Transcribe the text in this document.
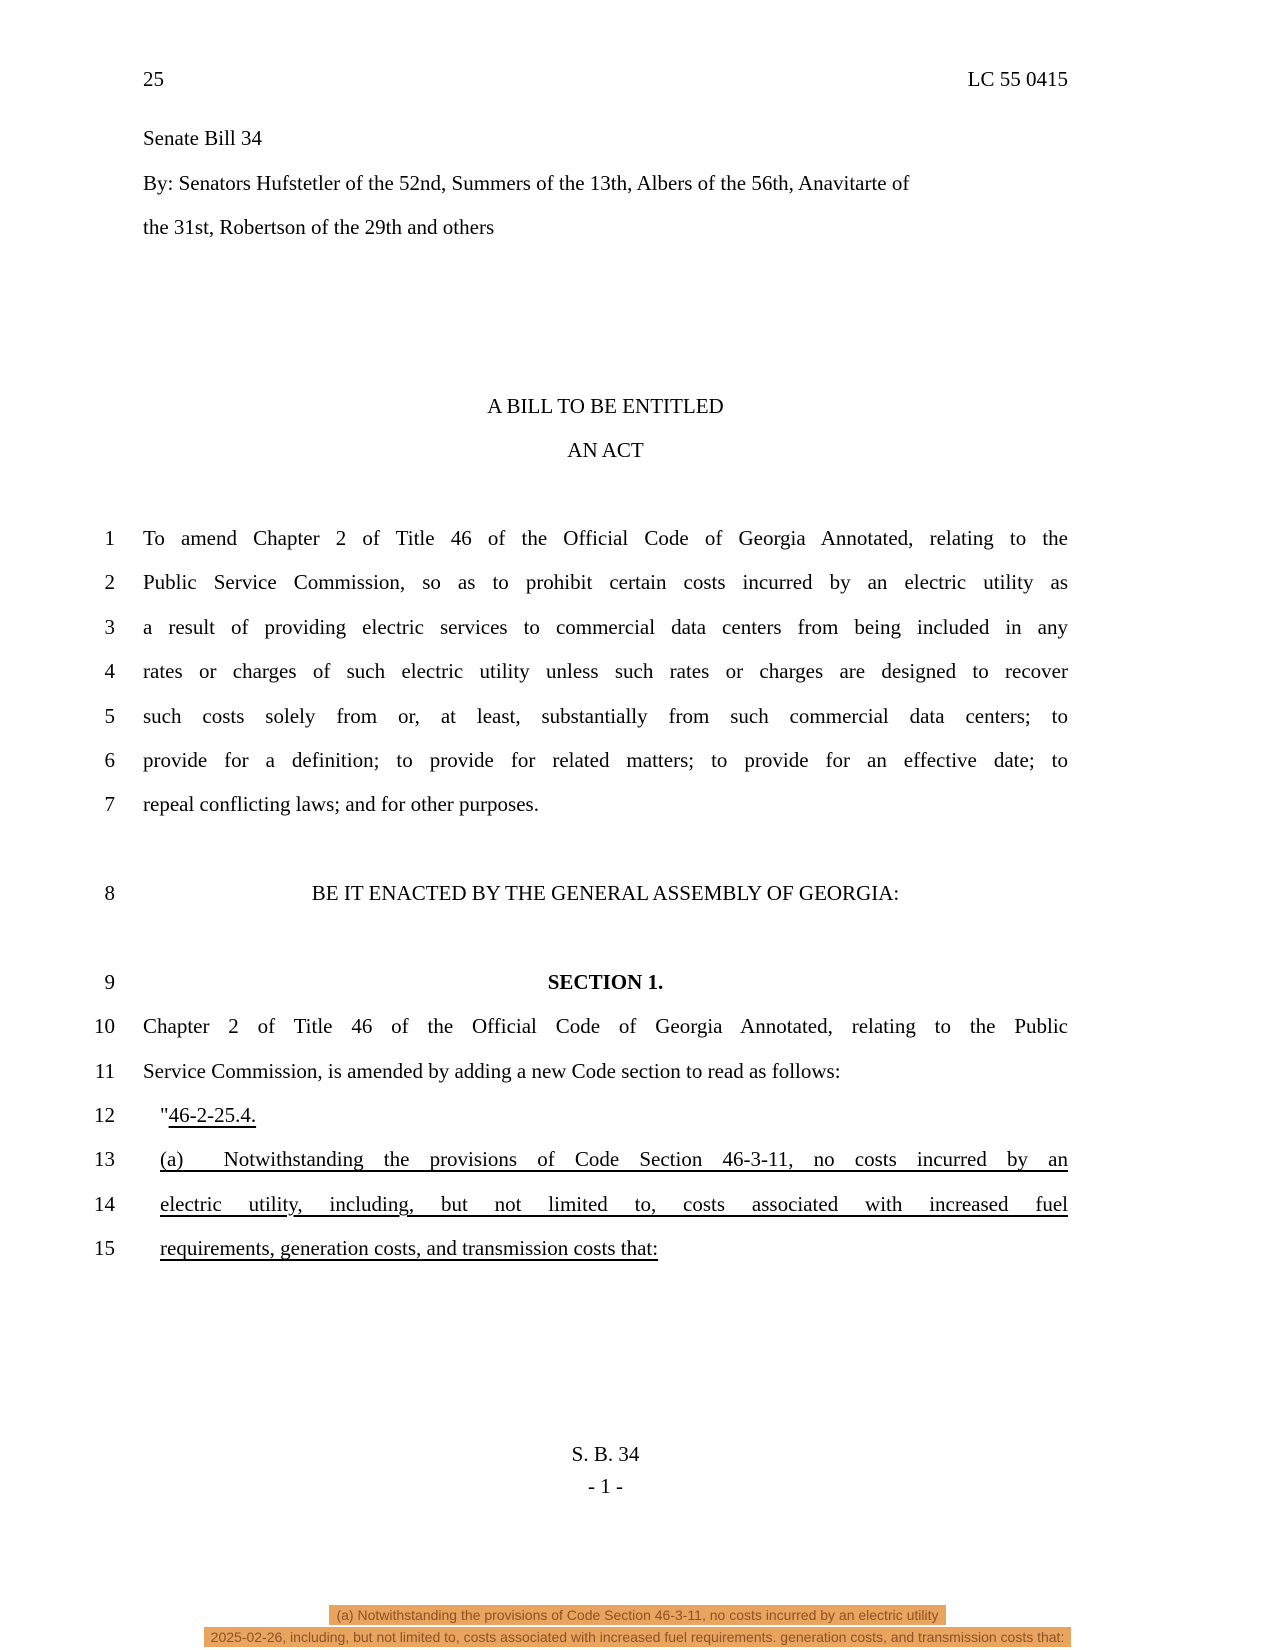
25	LC 55 0415
Senate Bill 34
By: Senators Hufstetler of the 52nd, Summers of the 13th, Albers of the 56th, Anavitarte of
the 31st, Robertson of the 29th and others
A BILL TO BE ENTITLED
AN ACT
1 To amend Chapter 2 of Title 46 of the Official Code of Georgia Annotated, relating to the
2 Public Service Commission, so as to prohibit certain costs incurred by an electric utility as
3 a result of providing electric services to commercial data centers from being included in any
4 rates or charges of such electric utility unless such rates or charges are designed to recover
5 such costs solely from or, at least, substantially from such commercial data centers; to
6 provide for a definition; to provide for related matters; to provide for an effective date; to
7 repeal conflicting laws; and for other purposes.
8	BE IT ENACTED BY THE GENERAL ASSEMBLY OF GEORGIA:
9	SECTION 1.
10 Chapter 2 of Title 46 of the Official Code of Georgia Annotated, relating to the Public
11 Service Commission, is amended by adding a new Code section to read as follows:
12	"46-2-25.4.
13	(a)  Notwithstanding the provisions of Code Section 46-3-11, no costs incurred by an
14	electric utility, including, but not limited to, costs associated with increased fuel
15	requirements, generation costs, and transmission costs that:
S. B. 34
- 1 -
(a) Notwithstanding the provisions of Code Section 46-3-11, no costs incurred by an electric utility
2025-02-26, including, but not limited to, costs associated with increased fuel requirements. generation costs, and transmission costs that:
